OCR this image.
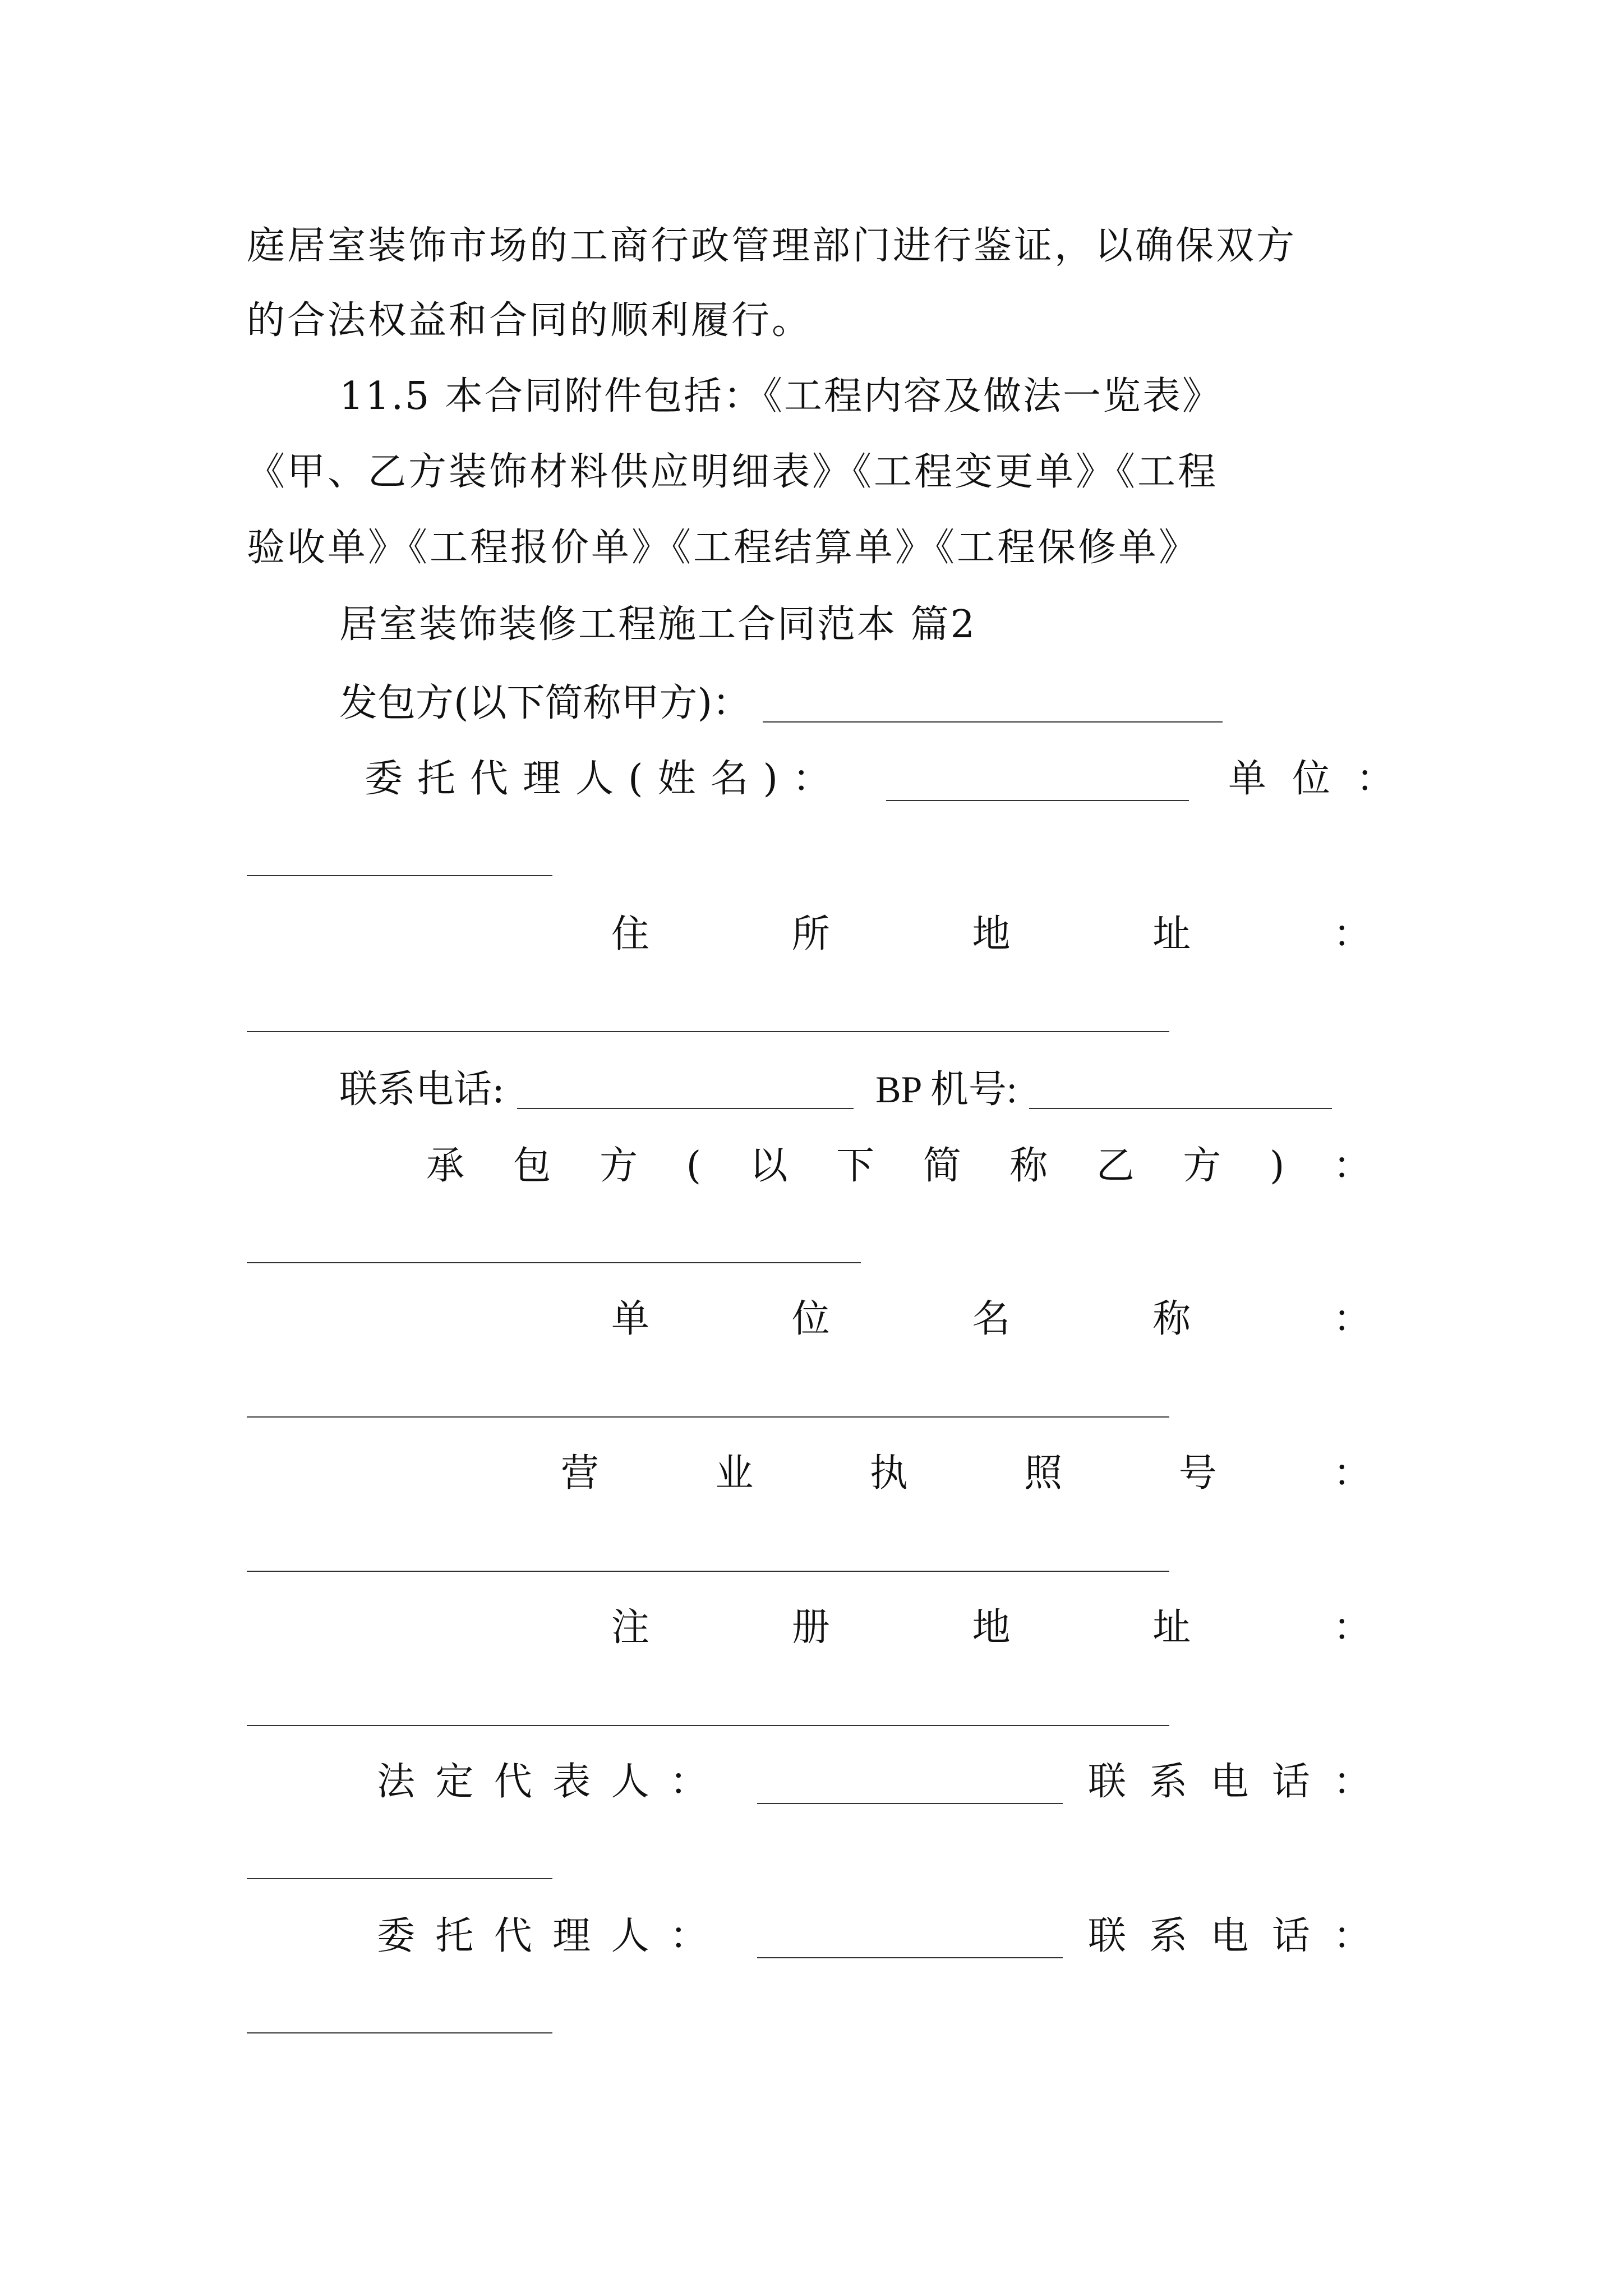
庭居室装饰市场的工商行政管理部门进行鉴证，以确保双方
的合法权益和合同的顺利履行。
11.5 本合同附件包括：《工程内容及做法一览表》
《甲、乙方装饰材料供应明细表》《工程变更单》《工程
验收单》《工程报价单》《工程结算单》《工程保修单》
居室装饰装修工程施工合同范本 篇2
发包方(以下简称甲方)：
委托代理人(姓名)：	单位：
住	所	地	址	：
联系电话:	BP 机号:
承 包 方 ( 以 下 简 称 乙 方 ) ：
单	位	名	称	：
营	业	执	照	号	：
注	册	地	址	：
法 定 代 表 人 ：	联 系 电 话 ：
委 托 代 理 人 ：	联 系 电 话 ：
